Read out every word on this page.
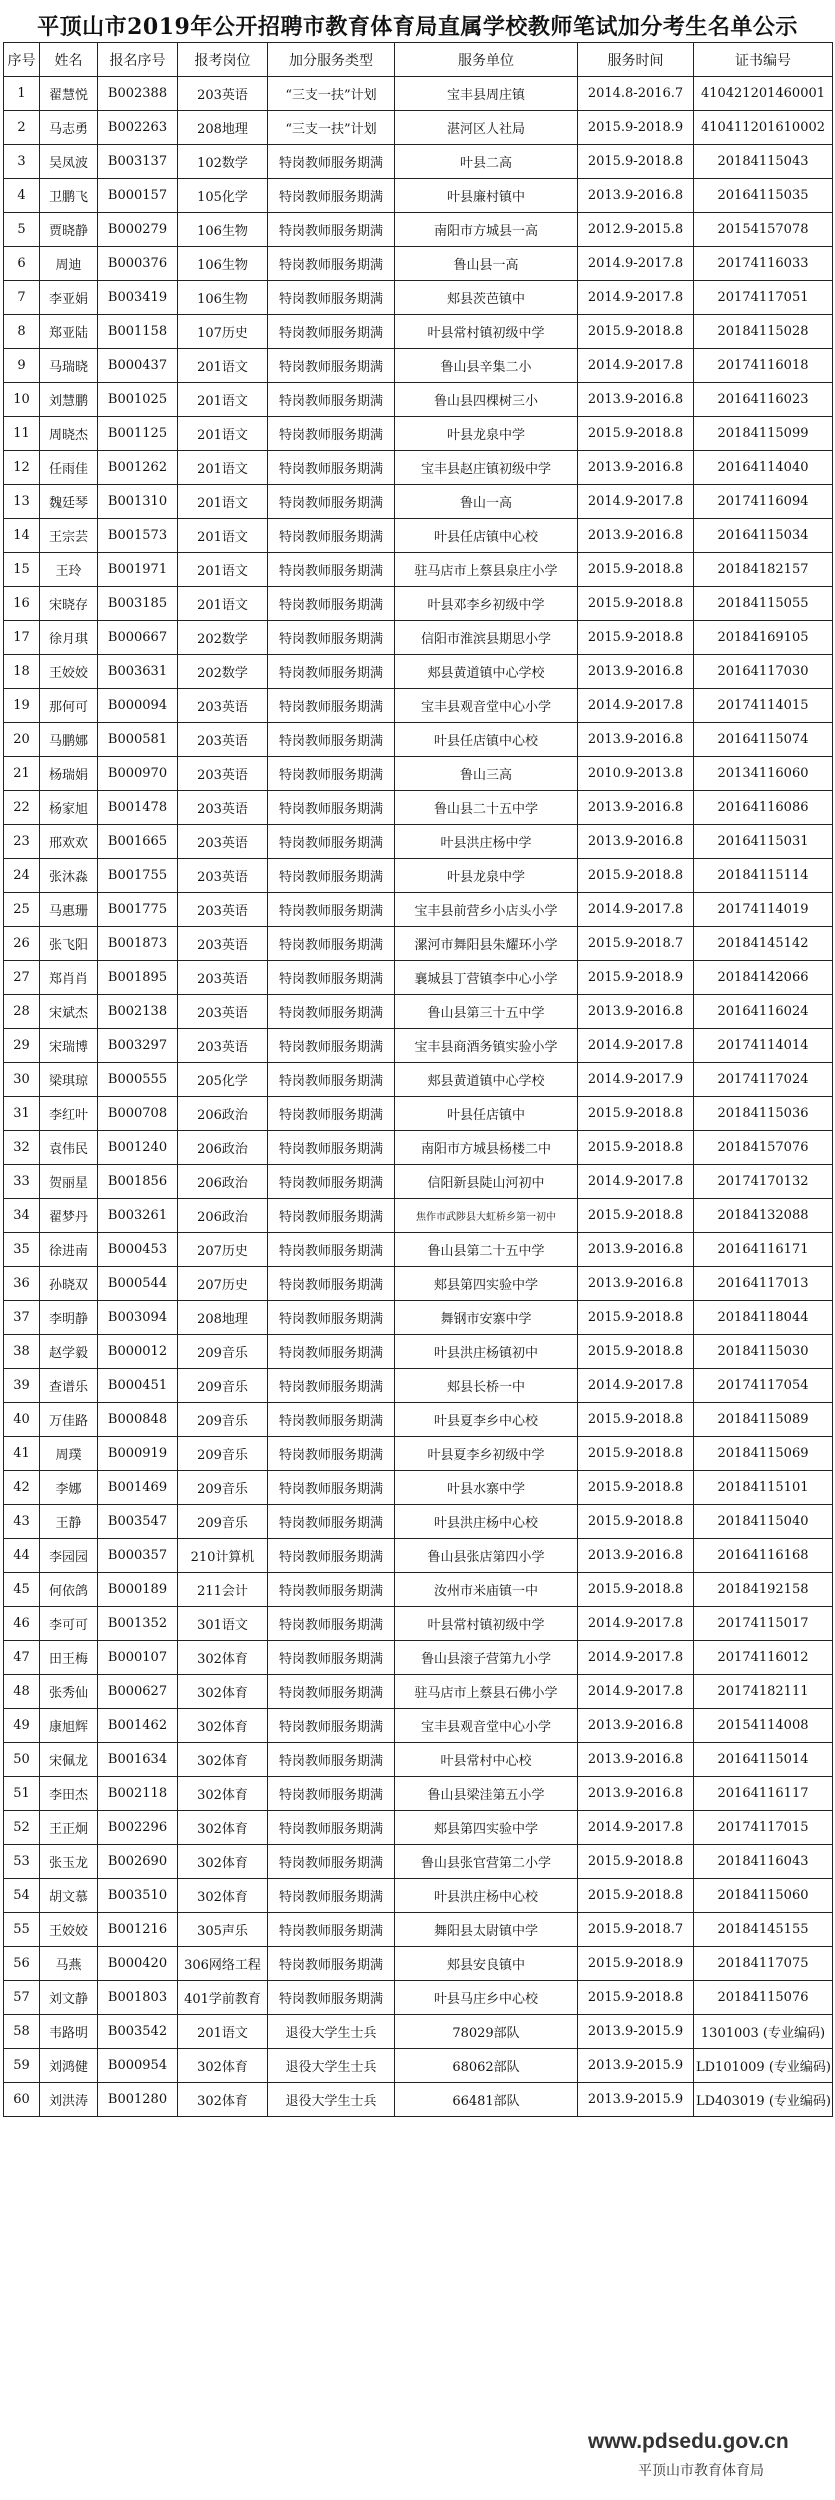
平顶山市2019年公开招聘市教育体育局直属学校教师笔试加分考生名单公示
序号	姓名	报名序号	报考岗位	加分服务类型	服务单位	服务时间	证书编号
1	翟慧悦	B002388	203英语	“三支一扶”计划	宝丰县周庄镇	2014.8-2016.7	410421201460001
2	马志勇	B002263	208地理	“三支一扶”计划	湛河区人社局	2015.9-2018.9	410411201610002
3	吴凤波	B003137	102数学	特岗教师服务期满	叶县二高	2015.9-2018.8	20184115043
4	卫鹏飞	B000157	105化学	特岗教师服务期满	叶县廉村镇中	2013.9-2016.8	20164115035
5	贾晓静	B000279	106生物	特岗教师服务期满	南阳市方城县一高	2012.9-2015.8	20154157078
6	周迪	B000376	106生物	特岗教师服务期满	鲁山县一高	2014.9-2017.8	20174116033
7	李亚娟	B003419	106生物	特岗教师服务期满	郏县茨芭镇中	2014.9-2017.8	20174117051
8	郑亚陆	B001158	107历史	特岗教师服务期满	叶县常村镇初级中学	2015.9-2018.8	20184115028
9	马瑞晓	B000437	201语文	特岗教师服务期满	鲁山县辛集二小	2014.9-2017.8	20174116018
10	刘慧鹏	B001025	201语文	特岗教师服务期满	鲁山县四棵树三小	2013.9-2016.8	20164116023
11	周晓杰	B001125	201语文	特岗教师服务期满	叶县龙泉中学	2015.9-2018.8	20184115099
12	任雨佳	B001262	201语文	特岗教师服务期满	宝丰县赵庄镇初级中学	2013.9-2016.8	20164114040
13	魏廷琴	B001310	201语文	特岗教师服务期满	鲁山一高	2014.9-2017.8	20174116094
14	王宗芸	B001573	201语文	特岗教师服务期满	叶县任店镇中心校	2013.9-2016.8	20164115034
15	王玲	B001971	201语文	特岗教师服务期满	驻马店市上蔡县泉庄小学	2015.9-2018.8	20184182157
16	宋晓存	B003185	201语文	特岗教师服务期满	叶县邓李乡初级中学	2015.9-2018.8	20184115055
17	徐月琪	B000667	202数学	特岗教师服务期满	信阳市淮滨县期思小学	2015.9-2018.8	20184169105
18	王姣姣	B003631	202数学	特岗教师服务期满	郏县黄道镇中心学校	2013.9-2016.8	20164117030
19	那何可	B000094	203英语	特岗教师服务期满	宝丰县观音堂中心小学	2014.9-2017.8	20174114015
20	马鹏娜	B000581	203英语	特岗教师服务期满	叶县任店镇中心校	2013.9-2016.8	20164115074
21	杨瑞娟	B000970	203英语	特岗教师服务期满	鲁山三高	2010.9-2013.8	20134116060
22	杨家旭	B001478	203英语	特岗教师服务期满	鲁山县二十五中学	2013.9-2016.8	20164116086
23	邢欢欢	B001665	203英语	特岗教师服务期满	叶县洪庄杨中学	2013.9-2016.8	20164115031
24	张沐淼	B001755	203英语	特岗教师服务期满	叶县龙泉中学	2015.9-2018.8	20184115114
25	马惠珊	B001775	203英语	特岗教师服务期满	宝丰县前营乡小店头小学	2014.9-2017.8	20174114019
26	张飞阳	B001873	203英语	特岗教师服务期满	漯河市舞阳县朱耀环小学	2015.9-2018.7	20184145142
27	郑肖肖	B001895	203英语	特岗教师服务期满	襄城县丁营镇李中心小学	2015.9-2018.9	20184142066
28	宋斌杰	B002138	203英语	特岗教师服务期满	鲁山县第三十五中学	2013.9-2016.8	20164116024
29	宋瑞博	B003297	203英语	特岗教师服务期满	宝丰县商酒务镇实验小学	2014.9-2017.8	20174114014
30	梁琪琼	B000555	205化学	特岗教师服务期满	郏县黄道镇中心学校	2014.9-2017.9	20174117024
31	李红叶	B000708	206政治	特岗教师服务期满	叶县任店镇中	2015.9-2018.8	20184115036
32	袁伟民	B001240	206政治	特岗教师服务期满	南阳市方城县杨楼二中	2015.9-2018.8	20184157076
33	贺丽星	B001856	206政治	特岗教师服务期满	信阳新县陡山河初中	2014.9-2017.8	20174170132
34	翟梦丹	B003261	206政治	特岗教师服务期满	焦作市武陟县大虹桥乡第一初中	2015.9-2018.8	20184132088
35	徐进南	B000453	207历史	特岗教师服务期满	鲁山县第二十五中学	2013.9-2016.8	20164116171
36	孙晓双	B000544	207历史	特岗教师服务期满	郏县第四实验中学	2013.9-2016.8	20164117013
37	李明静	B003094	208地理	特岗教师服务期满	舞钢市安寨中学	2015.9-2018.8	20184118044
38	赵学毅	B000012	209音乐	特岗教师服务期满	叶县洪庄杨镇初中	2015.9-2018.8	20184115030
39	查谱乐	B000451	209音乐	特岗教师服务期满	郏县长桥一中	2014.9-2017.8	20174117054
40	万佳路	B000848	209音乐	特岗教师服务期满	叶县夏李乡中心校	2015.9-2018.8	20184115089
41	周璞	B000919	209音乐	特岗教师服务期满	叶县夏李乡初级中学	2015.9-2018.8	20184115069
42	李娜	B001469	209音乐	特岗教师服务期满	叶县水寨中学	2015.9-2018.8	20184115101
43	王静	B003547	209音乐	特岗教师服务期满	叶县洪庄杨中心校	2015.9-2018.8	20184115040
44	李园园	B000357	210计算机	特岗教师服务期满	鲁山县张店第四小学	2013.9-2016.8	20164116168
45	何依鸽	B000189	211会计	特岗教师服务期满	汝州市米庙镇一中	2015.9-2018.8	20184192158
46	李可可	B001352	301语文	特岗教师服务期满	叶县常村镇初级中学	2014.9-2017.8	20174115017
47	田王梅	B000107	302体育	特岗教师服务期满	鲁山县滚子营第九小学	2014.9-2017.8	20174116012
48	张秀仙	B000627	302体育	特岗教师服务期满	驻马店市上蔡县石佛小学	2014.9-2017.8	20174182111
49	康旭辉	B001462	302体育	特岗教师服务期满	宝丰县观音堂中心小学	2013.9-2016.8	20154114008
50	宋佩龙	B001634	302体育	特岗教师服务期满	叶县常村中心校	2013.9-2016.8	20164115014
51	李田杰	B002118	302体育	特岗教师服务期满	鲁山县梁洼第五小学	2013.9-2016.8	20164116117
52	王正炯	B002296	302体育	特岗教师服务期满	郏县第四实验中学	2014.9-2017.8	20174117015
53	张玉龙	B002690	302体育	特岗教师服务期满	鲁山县张官营第二小学	2015.9-2018.8	20184116043
54	胡文慕	B003510	302体育	特岗教师服务期满	叶县洪庄杨中心校	2015.9-2018.8	20184115060
55	王姣姣	B001216	305声乐	特岗教师服务期满	舞阳县太尉镇中学	2015.9-2018.7	20184145155
56	马燕	B000420	306网络工程	特岗教师服务期满	郏县安良镇中	2015.9-2018.9	20184117075
57	刘文静	B001803	401学前教育	特岗教师服务期满	叶县马庄乡中心校	2015.9-2018.8	20184115076
58	韦路明	B003542	201语文	退役大学生士兵	78029部队	2013.9-2015.9	1301003 (专业编码)
59	刘鸿健	B000954	302体育	退役大学生士兵	68062部队	2013.9-2015.9	LD101009 (专业编码)
60	刘洪涛	B001280	302体育	退役大学生士兵	66481部队	2013.9-2015.9	LD403019 (专业编码)
www.pdsedu.gov.cn
平顶山市教育体育局
